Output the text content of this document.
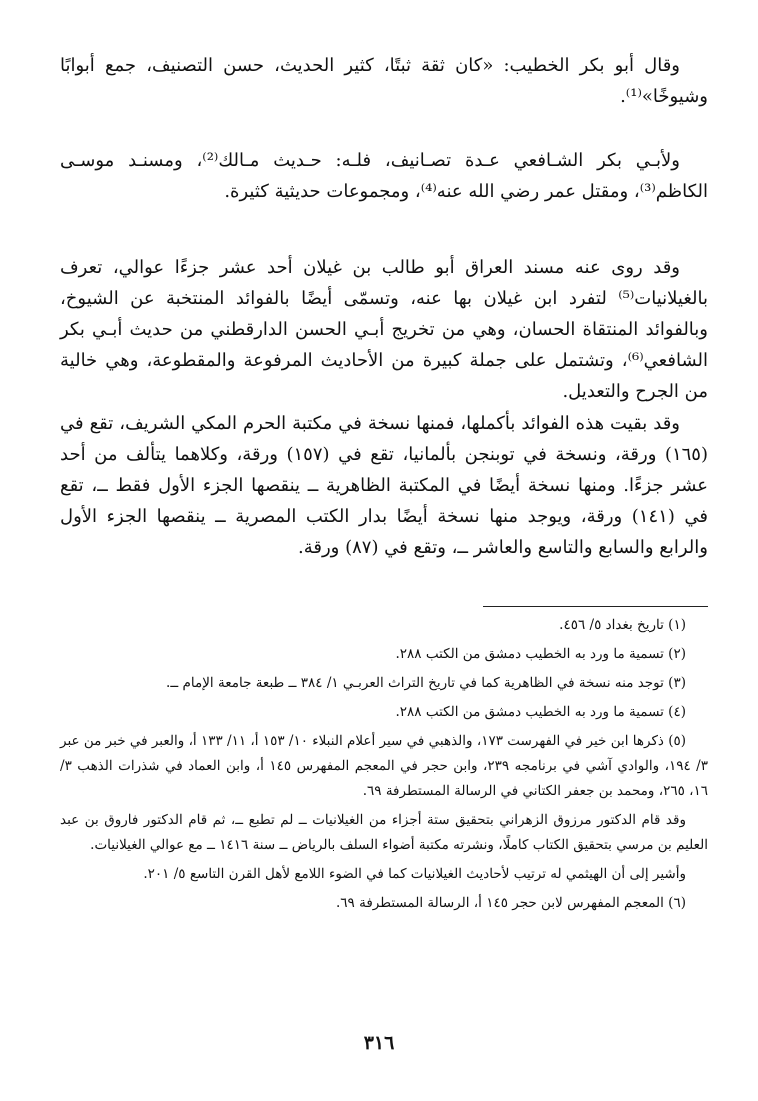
وقال أبو بكر الخطيب: «كان ثقة ثبتًا، كثير الحديث، حسن التصنيف، جمع أبوابًا وشيوخًا»⁽¹⁾.

ولأبـي بكر الشـافعي عـدة تصـانيف، فلـه: حـديث مـالك⁽²⁾، ومسنـد موسـى الكاظم⁽³⁾، ومقتل عمر رضي الله عنه⁽⁴⁾، ومجموعات حديثية كثيرة.

وقد روى عنه مسند العراق أبو طالب بن غيلان أحد عشر جزءًا عوالي، تعرف بالغيلانيات⁽⁵⁾ لتفرد ابن غيلان بها عنه، وتسمّى أيضًا بالفوائد المنتخبة عن الشيوخ، وبالفوائد المنتقاة الحسان، وهي من تخريج أبـي الحسن الدارقطني من حديث أبـي بكر الشافعي⁽⁶⁾، وتشتمل على جملة كبيرة من الأحاديث المرفوعة والمقطوعة، وهي خالية من الجرح والتعديل.

وقد بقيت هذه الفوائد بأكملها، فمنها نسخة في مكتبة الحرم المكي الشريف، تقع في (١٦٥) ورقة، ونسخة في توبنجن بألمانيا، تقع في (١٥٧) ورقة، وكلاهما يتألف من أحد عشر جزءًا. ومنها نسخة أيضًا في المكتبة الظاهرية ــ ينقصها الجزء الأول فقط ــ، تقع في (١٤١) ورقة، ويوجد منها نسخة أيضًا بدار الكتب المصرية ــ ينقصها الجزء الأول والرابع والسابع والتاسع والعاشر ــ، وتقع في (٨٧) ورقة.

(١) تاريخ بغداد ٥/ ٤٥٦.
(٢) تسمية ما ورد به الخطيب دمشق من الكتب ٢٨٨.
(٣) توجد منه نسخة في الظاهرية كما في تاريخ التراث العربـي ١/ ٣٨٤ ــ طبعة جامعة الإمام ــ.
(٤) تسمية ما ورد به الخطيب دمشق من الكتب ٢٨٨.
(٥) ذكرها ابن خير في الفهرست ١٧٣، والذهبي في سير أعلام النبلاء ١٠/ ١٥٣ أ، ١١/ ١٣٣ أ، والعبر في خبر من عبر ٣/ ١٩٤، والوادي آشي في برنامجه ٢٣٩، وابن حجر في المعجم المفهرس ١٤٥ أ، وابن العماد في شذرات الذهب ٣/ ١٦، ٢٦٥، ومحمد بن جعفر الكتاني في الرسالة المستطرفة ٦٩.
وقد قام الدكتور مرزوق الزهراني بتحقيق ستة أجزاء من الغيلانيات ــ لم تطبع ــ، ثم قام الدكتور فاروق بن عبد العليم بن مرسي بتحقيق الكتاب كاملًا، ونشرته مكتبة أضواء السلف بالرياض ــ سنة ١٤١٦ ــ مع عوالي الغيلانيات.
وأشير إلى أن الهيثمي له ترتيب لأحاديث الغيلانيات كما في الضوء اللامع لأهل القرن التاسع ٥/ ٢٠١.
(٦) المعجم المفهرس لابن حجر ١٤٥ أ، الرسالة المستطرفة ٦٩.
٣١٦
